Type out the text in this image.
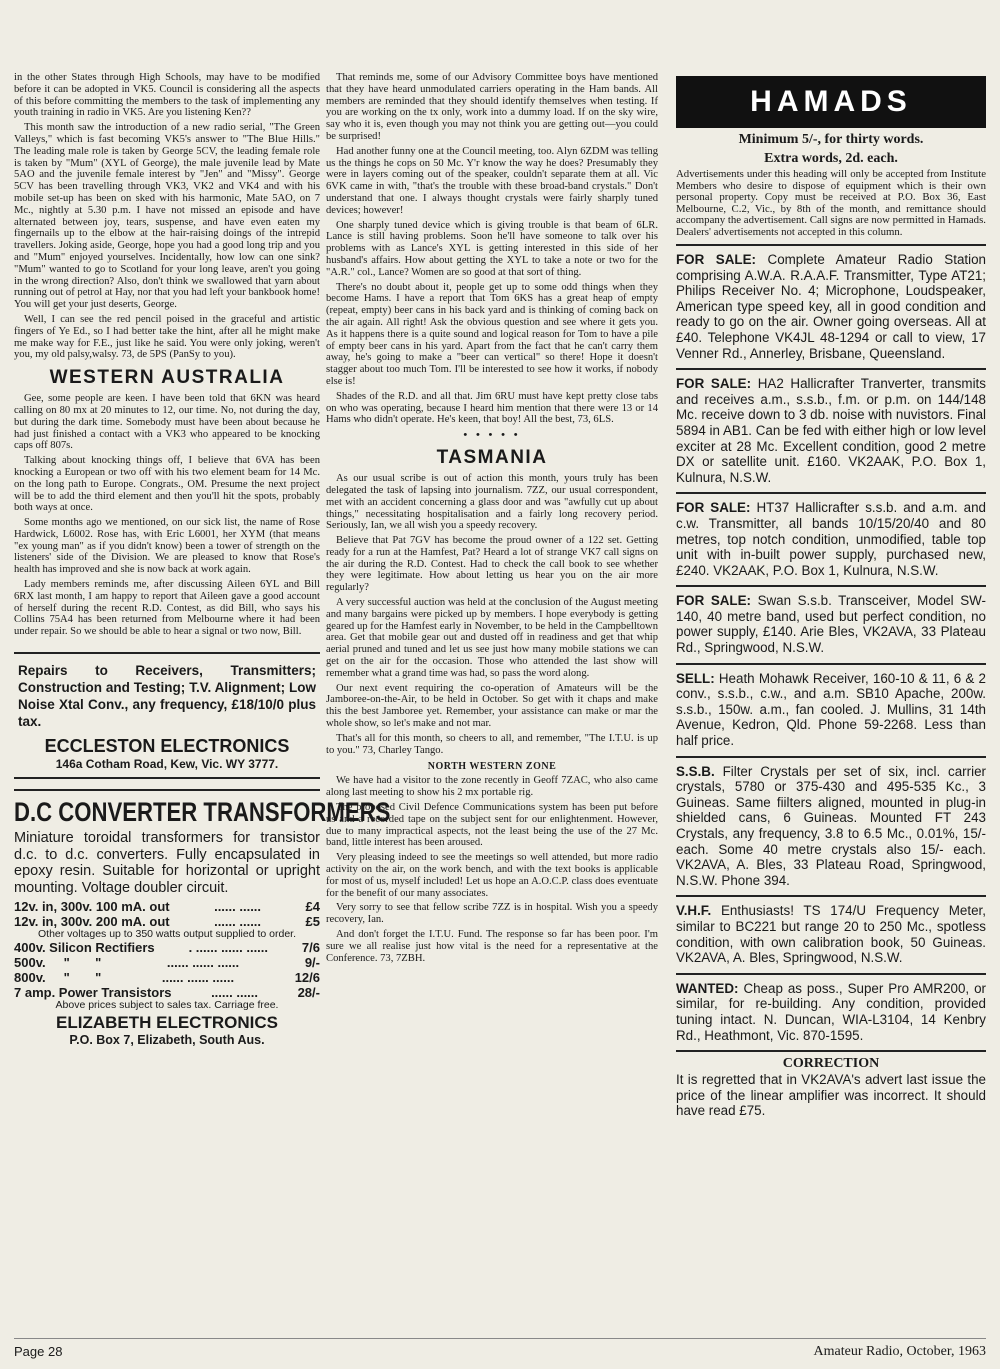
in the other States through High Schools, may have to be modified before it can be adopted in VK5. Council is considering all the aspects of this before committing the members to the task of implementing any youth training in radio in VK5. Are you listening Ken??

This month saw the introduction of a new radio serial, "The Green Valleys," which is fast becoming VK5's answer to "The Blue Hills." The leading male role is taken by George 5CV, the leading female role is taken by "Mum" (XYL of George), the male juvenile lead by Mate 5AO and the juvenile female interest by "Jen" and "Missy". George 5CV has been travelling through VK3, VK2 and VK4 and with his mobile set-up has been on sked with his harmonic, Mate 5AO, on 7 Mc., nightly at 5.30 p.m. I have not missed an episode and have alternated between joy, tears, suspense, and have even eaten my fingernails up to the elbow at the hair-raising doings of the intrepid travellers. Joking aside, George, hope you had a good long trip and you and "Mum" enjoyed yourselves. Incidentally, how low can one sink? "Mum" wanted to go to Scotland for your long leave, aren't you going in the wrong direction? Also, don't think we swallowed that yarn about running out of petrol at Hay, nor that you had left your bankbook home! You will get your just deserts, George.

Well, I can see the red pencil poised in the graceful and artistic fingers of Ye Ed., so I had better take the hint, after all he might make me make way for F.E., just like he said. You were only joking, weren't you, my old palsy,walsy. 73, de 5PS (PanSy to you).

WESTERN AUSTRALIA

Gee, some people are keen. I have been told that 6KN was heard calling on 80 mx at 20 minutes to 12, our time. No, not during the day, but during the dark time. Somebody must have been about because he had just finished a contact with a VK3 who appeared to be knocking caps off 807s.

Talking about knocking things off, I believe that 6VA has been knocking a European or two off with his two element beam for 14 Mc. on the long path to Europe. Congrats., OM. Presume the next project will be to add the third element and then you'll hit the spots, probably both ways at once.

Some months ago we mentioned, on our sick list, the name of Rose Hardwick, L6002. Rose has, with Eric L6001, her XYM (that means "ex young man" as if you didn't know) been a tower of strength on the listeners' side of the Division. We are pleased to know that Rose's health has improved and she is now back at work again.

Lady members reminds me, after discussing Aileen 6YL and Bill 6RX last month, I am happy to report that Aileen gave a good account of herself during the recent R.D. Contest, as did Bill, who says his Collins 75A4 has been returned from Melbourne where it had been under repair. So we should be able to hear a signal or two now, Bill.

Repairs to Receivers, Transmitters; Construction and Testing; T.V. Alignment; Low Noise Xtal Conv., any frequency, £18/10/0 plus tax.
ECCLESTON ELECTRONICS
146a Cotham Road, Kew, Vic. WY 3777.
D.C CONVERTER TRANSFORMERS
Miniature toroidal transformers for transistor d.c. to d.c. converters. Fully encapsulated in epoxy resin. Suitable for horizontal or upright mounting. Voltage doubler circuit.
12v. in, 300v. 100 mA. out	...... ......	£4
12v. in, 300v. 200 mA. out	...... ......	£5
Other voltages up to 350 watts output supplied to order.
400v. Silicon Rectifiers	. ...... ...... ......	7/6
500v.     "       "	...... ...... ......	9/-
800v.     "       "	...... ...... ......	12/6
7 amp. Power Transistors	...... ......	28/-
Above prices subject to sales tax. Carriage free.
ELIZABETH ELECTRONICS
P.O. Box 7, Elizabeth, South Aus.

That reminds me, some of our Advisory Committee boys have mentioned that they have heard unmodulated carriers operating in the Ham bands. All members are reminded that they should identify themselves when testing. If you are working on the tx only, work into a dummy load. If on the sky wire, say who it is, even though you may not think you are getting out—you could be surprised!

Had another funny one at the Council meeting, too. Alyn 6ZDM was telling us the things he cops on 50 Mc. Y'r know the way he does? Presumably they were in layers coming out of the speaker, couldn't separate them at all. Vic 6VK came in with, "that's the trouble with these broad-band crystals." Don't understand that one. I always thought crystals were fairly sharply tuned devices; however!

One sharply tuned device which is giving trouble is that beam of 6LR. Lance is still having problems. Soon he'll have someone to talk over his problems with as Lance's XYL is getting interested in this side of her husband's affairs. How about getting the XYL to take a note or two for the "A.R." col., Lance? Women are so good at that sort of thing.

There's no doubt about it, people get up to some odd things when they become Hams. I have a report that Tom 6KS has a great heap of empty (repeat, empty) beer cans in his back yard and is thinking of coming back on the air again. All right! Ask the obvious question and see where it gets you. As it happens there is a quite sound and logical reason for Tom to have a pile of empty beer cans in his yard. Apart from the fact that he can't carry them away, he's going to make a "beer can vertical" so there! Hope it doesn't stagger about too much Tom. I'll be interested to see how it works, if nobody else is!

Shades of the R.D. and all that. Jim 6RU must have kept pretty close tabs on who was operating, because I heard him mention that there were 13 or 14 Hams who didn't operate. He's keen, that boy! All the best, 73, 6LS.

• • • • •
TASMANIA

As our usual scribe is out of action this month, yours truly has been delegated the task of lapsing into journalism. 7ZZ, our usual correspondent, met with an accident concerning a glass door and was "awfully cut up about things," necessitating hospitalisation and a fairly long recovery period. Seriously, Ian, we all wish you a speedy recovery.

Believe that Pat 7GV has become the proud owner of a 122 set. Getting ready for a run at the Hamfest, Pat? Heard a lot of strange VK7 call signs on the air during the R.D. Contest. Had to check the call book to see whether they were legitimate. How about letting us hear you on the air more regularly?

A very successful auction was held at the conclusion of the August meeting and many bargains were picked up by members. I hope everybody is getting geared up for the Hamfest early in November, to be held in the Campbelltown area. Get that mobile gear out and dusted off in readiness and get that whip aerial pruned and tuned and let us see just how many mobile stations we can get on the air for the occasion. Those who attended the last show will remember what a grand time was had, so pass the word along.

Our next event requiring the co-operation of Amateurs will be the Jamboree-on-the-Air, to be held in October. So get with it chaps and make this the best Jamboree yet. Remember, your assistance can make or mar the whole show, so let's make and not mar.

That's all for this month, so cheers to all, and remember, "The I.T.U. is up to you." 73, Charley Tango.

NORTH WESTERN ZONE

We have had a visitor to the zone recently in Geoff 7ZAC, who also came along last meeting to show his 2 mx portable rig.

The proposed Civil Defence Communications system has been put before us and a recorded tape on the subject sent for our enlightenment. However, due to many impractical aspects, not the least being the use of the 27 Mc. band, little interest has been aroused.

Very pleasing indeed to see the meetings so well attended, but more radio activity on the air, on the work bench, and with the text books is applicable for most of us, myself included! Let us hope an A.O.C.P. class does eventuate for the benefit of our many associates.

Very sorry to see that fellow scribe 7ZZ is in hospital. Wish you a speedy recovery, Ian.

And don't forget the I.T.U. Fund. The response so far has been poor. I'm sure we all realise just how vital is the need for a representative at the Conference. 73, 7ZBH.

HAMADS
Minimum 5/-, for thirty words.
Extra words, 2d. each.
Advertisements under this heading will only be accepted from Institute Members who desire to dispose of equipment which is their own personal property. Copy must be received at P.O. Box 36, East Melbourne, C.2, Vic., by 8th of the month, and remittance should accompany the advertisement. Call signs are now permitted in Hamads. Dealers' advertisements not accepted in this column.
FOR SALE: Complete Amateur Radio Station comprising A.W.A. R.A.A.F. Transmitter, Type AT21; Philips Receiver No. 4; Microphone, Loudspeaker, American type speed key, all in good condition and ready to go on the air. Owner going overseas. All at £40. Telephone VK4JL 48-1294 or call to view, 17 Venner Rd., Annerley, Brisbane, Queensland.
FOR SALE: HA2 Hallicrafter Tranverter, transmits and receives a.m., s.s.b., f.m. or p.m. on 144/148 Mc. receive down to 3 db. noise with nuvistors. Final 5894 in AB1. Can be fed with either high or low level exciter at 28 Mc. Excellent condition, good 2 metre DX or satellite unit. £160. VK2AAK, P.O. Box 1, Kulnura, N.S.W.
FOR SALE: HT37 Hallicrafter s.s.b. and a.m. and c.w. Transmitter, all bands 10/15/20/40 and 80 metres, top notch condition, unmodified, table top unit with in-built power supply, purchased new, £240. VK2AAK, P.O. Box 1, Kulnura, N.S.W.
FOR SALE: Swan S.s.b. Transceiver, Model SW-140, 40 metre band, used but perfect condition, no power supply, £140. Arie Bles, VK2AVA, 33 Plateau Rd., Springwood, N.S.W.
SELL: Heath Mohawk Receiver, 160-10 & 11, 6 & 2 conv., s.s.b., c.w., and a.m. SB10 Apache, 200w. s.s.b., 150w. a.m., fan cooled. J. Mullins, 31 14th Avenue, Kedron, Qld. Phone 59-2268. Less than half price.
S.S.B. Filter Crystals per set of six, incl. carrier crystals, 5780 or 375-430 and 495-535 Kc., 3 Guineas. Same fiilters aligned, mounted in plug-in shielded cans, 6 Guineas. Mounted FT 243 Crystals, any frequency, 3.8 to 6.5 Mc., 0.01%, 15/- each. Some 40 metre crystals also 15/- each. VK2AVA, A. Bles, 33 Plateau Road, Springwood, N.S.W. Phone 394.
V.H.F. Enthusiasts! TS 174/U Frequency Meter, similar to BC221 but range 20 to 250 Mc., spotless condition, with own calibration book, 50 Guineas. VK2AVA, A. Bles, Springwood, N.S.W.
WANTED: Cheap as poss., Super Pro AMR200, or similar, for re-building. Any condition, provided tuning intact. N. Duncan, WIA-L3104, 14 Kenbry Rd., Heathmont, Vic. 870-1595.
CORRECTION
It is regretted that in VK2AVA's advert last issue the price of the linear amplifier was incorrect. It should have read £75.
Page 28	Amateur Radio, October, 1963
